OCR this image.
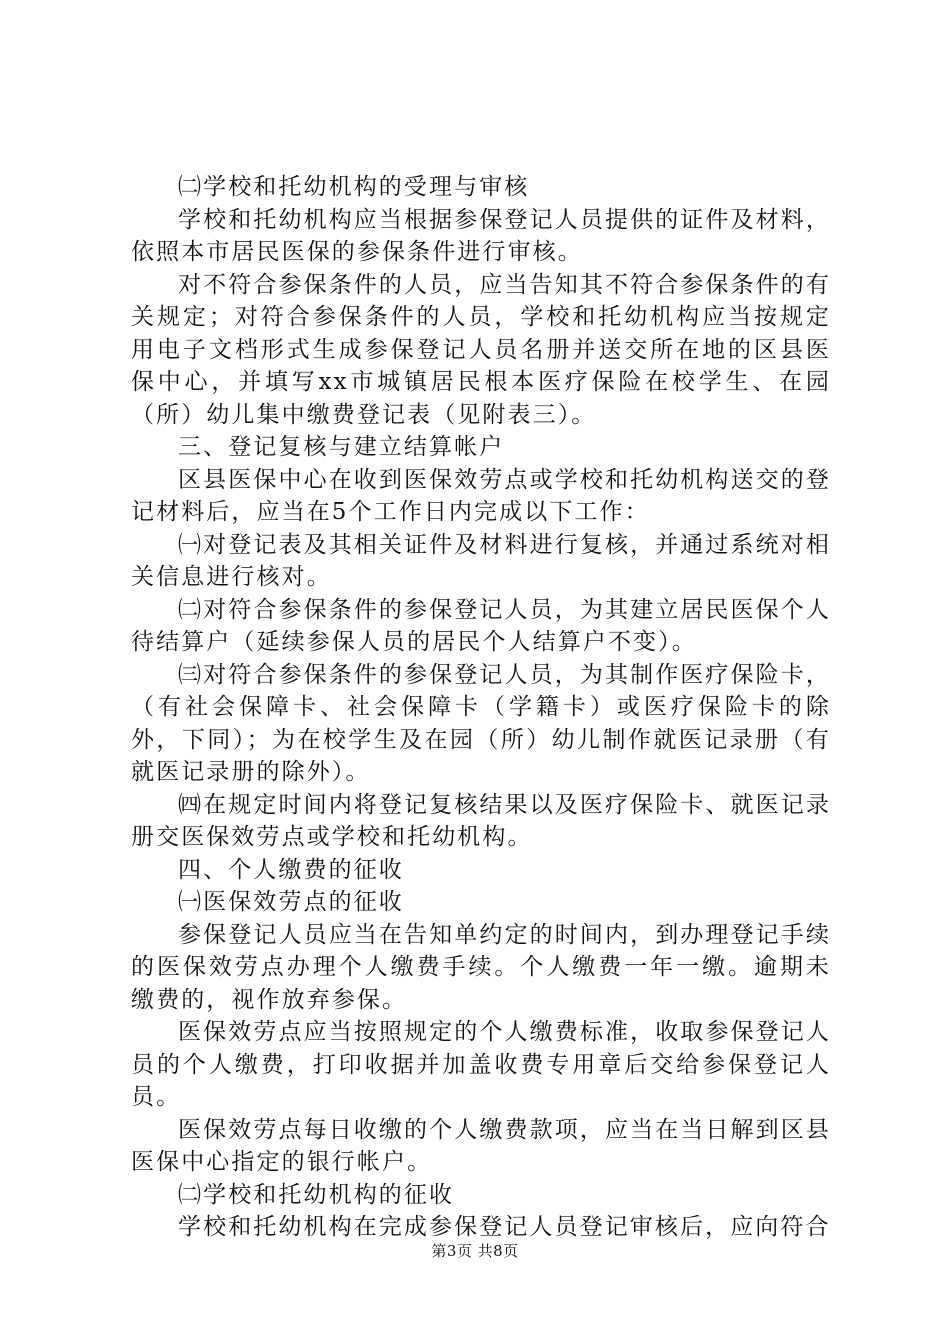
㈡学校和托幼机构的受理与审核

学校和托幼机构应当根据参保登记人员提供的证件及材料，依照本市居民医保的参保条件进行审核。

对不符合参保条件的人员，应当告知其不符合参保条件的有关规定；对符合参保条件的人员，学校和托幼机构应当按规定用电子文档形式生成参保登记人员名册并送交所在地的区县医保中心，并填写xx市城镇居民根本医疗保险在校学生、在园（所）幼儿集中缴费登记表（见附表三）。

三、登记复核与建立结算帐户

区县医保中心在收到医保效劳点或学校和托幼机构送交的登记材料后，应当在5个工作日内完成以下工作：

㈠对登记表及其相关证件及材料进行复核，并通过系统对相关信息进行核对。

㈡对符合参保条件的参保登记人员，为其建立居民医保个人待结算户（延续参保人员的居民个人结算户不变）。

㈢对符合参保条件的参保登记人员，为其制作医疗保险卡，（有社会保障卡、社会保障卡（学籍卡）或医疗保险卡的除外，下同）；为在校学生及在园（所）幼儿制作就医记录册（有就医记录册的除外）。

㈣在规定时间内将登记复核结果以及医疗保险卡、就医记录册交医保效劳点或学校和托幼机构。

四、个人缴费的征收

㈠医保效劳点的征收

参保登记人员应当在告知单约定的时间内，到办理登记手续的医保效劳点办理个人缴费手续。个人缴费一年一缴。逾期未缴费的，视作放弃参保。

医保效劳点应当按照规定的个人缴费标准，收取参保登记人员的个人缴费，打印收据并加盖收费专用章后交给参保登记人员。

医保效劳点每日收缴的个人缴费款项，应当在当日解到区县医保中心指定的银行帐户。

㈡学校和托幼机构的征收

学校和托幼机构在完成参保登记人员登记审核后，应向符合

第3页 共8页
